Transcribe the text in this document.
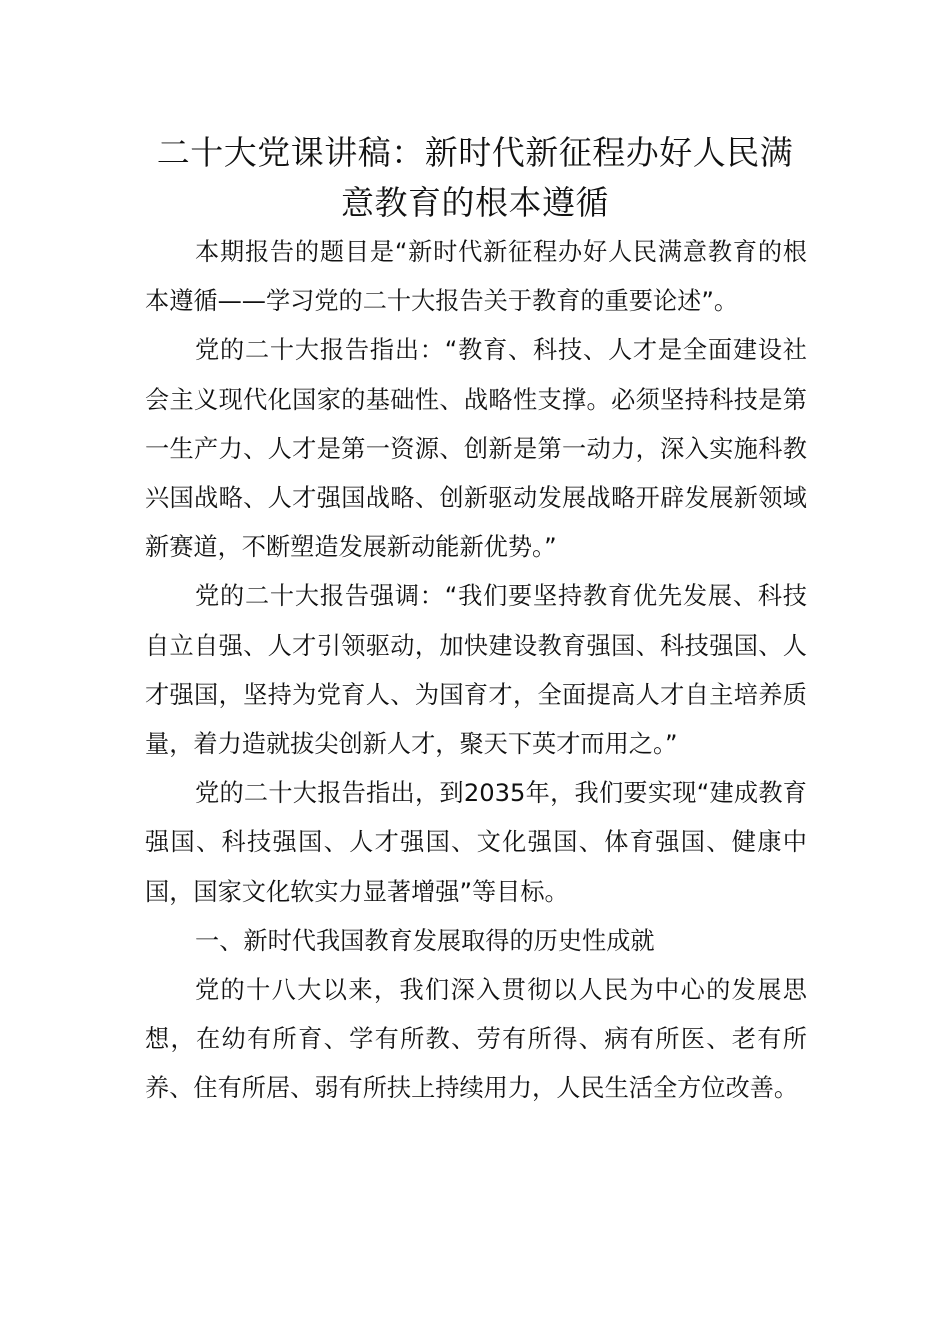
二十大党课讲稿：新时代新征程办好人民满意教育的根本遵循

本期报告的题目是“新时代新征程办好人民满意教育的根本遵循——学习党的二十大报告关于教育的重要论述”。

党的二十大报告指出：“教育、科技、人才是全面建设社会主义现代化国家的基础性、战略性支撑。必须坚持科技是第一生产力、人才是第一资源、创新是第一动力，深入实施科教兴国战略、人才强国战略、创新驱动发展战略开辟发展新领域新赛道，不断塑造发展新动能新优势。”

党的二十大报告强调：“我们要坚持教育优先发展、科技自立自强、人才引领驱动，加快建设教育强国、科技强国、人才强国，坚持为党育人、为国育才，全面提高人才自主培养质量，着力造就拔尖创新人才，聚天下英才而用之。”

党的二十大报告指出，到2035年，我们要实现“建成教育强国、科技强国、人才强国、文化强国、体育强国、健康中国，国家文化软实力显著增强”等目标。

一、新时代我国教育发展取得的历史性成就

党的十八大以来，我们深入贯彻以人民为中心的发展思想，在幼有所育、学有所教、劳有所得、病有所医、老有所养、住有所居、弱有所扶上持续用力，人民生活全方位改善。
